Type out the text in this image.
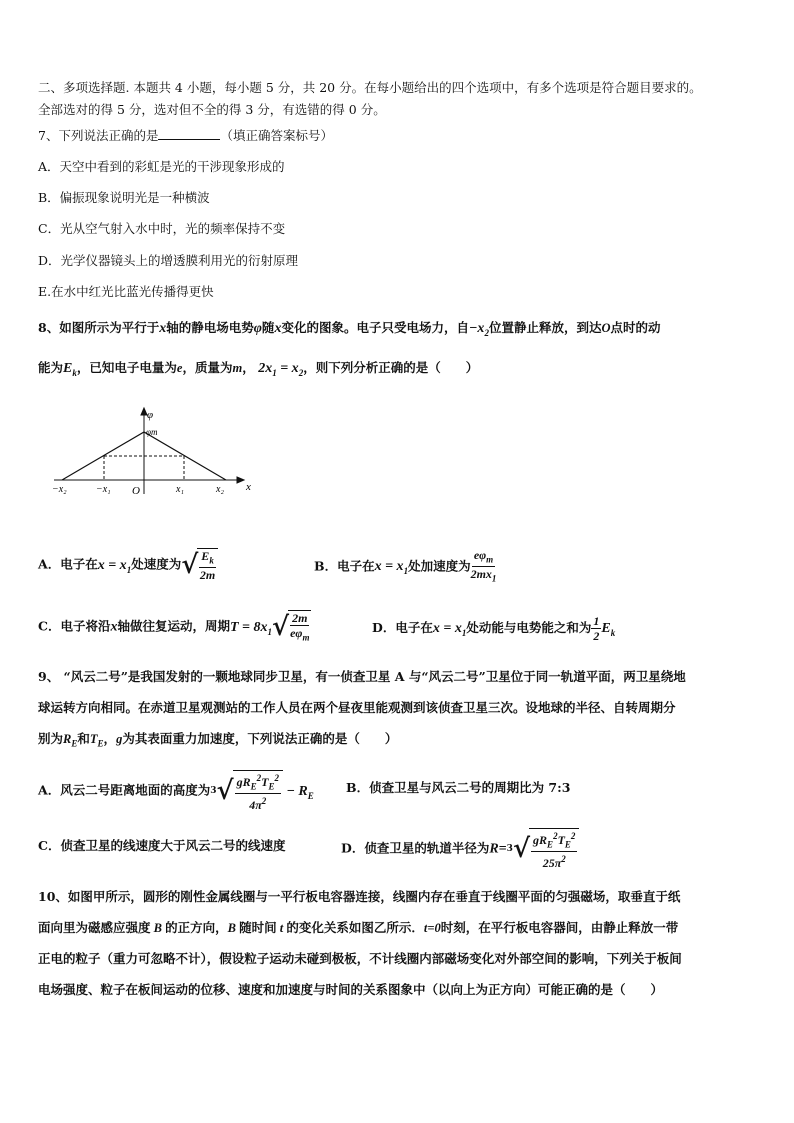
二、多项选择题. 本题共 4 小题，每小题 5 分，共 20 分。在每小题给出的四个选项中，有多个选项是符合题目要求的。
全部选对的得 5 分，选对但不全的得 3 分，有选错的得 0 分。
7、下列说法正确的是	（填正确答案标号）
A．天空中看到的彩虹是光的干涉现象形成的
B．偏振现象说明光是一种横波
C．光从空气射入水中时，光的频率保持不变
D．光学仪器镜头上的增透膜利用光的衍射原理
E.在水中红光比蓝光传播得更快
8、如图所示为平行于x轴的静电场电势φ随x变化的图象。电子只受电场力，自$-x_2$位置静止释放，到达O点时的动
能为$E_k$，已知电子电量为e，质量为m， $2x_1 = x_2$，则下列分析正确的是（　　）
φ
φm
x
−x₂	−x₁ O	x₁	x₂
A．电子在$x = x_1$处速度为 √ $\frac{E_k}{2m}$	B．电子在$x = x_1$处加速度为 $\frac{e\varphi_m}{2mx_1}$
C．电子将沿x轴做往复运动，周期$T = 8x_1$ √ $\frac{2m}{e\varphi_m}$	D．电子在$x = x_1$处动能与电势能之和为 $\frac{1}{2} E_k$
9、 “风云二号”是我国发射的一颗地球同步卫星，有一侦查卫星 A 与“风云二号”卫星位于同一轨道平面，两卫星绕地
球运转方向相同。在赤道卫星观测站的工作人员在两个昼夜里能观测到该侦查卫星三次。设地球的半径、自转周期分
别为$R_E$和$T_E$，g为其表面重力加速度，下列说法正确的是（　　）
A．风云二号距离地面的高度为 3 √ $\frac{gR_E^2T_E^2}{4\pi^2} - R_E$
B．侦查卫星与风云二号的周期比为 7:3
C．侦查卫星的线速度大于风云二号的线速度	D．侦查卫星的轨道半径为R= 3 √ $\frac{gR_E^2T_E^2}{25\pi^2}$
10、如图甲所示，圆形的刚性金属线圈与一平行板电容器连接，线圈内存在垂直于线圈平面的匀强磁场，取垂直于纸
面向里为磁感应强度 B 的正方向，B 随时间 t 的变化关系如图乙所示．t=0时刻，在平行板电容器间，由静止释放一带
正电的粒子（重力可忽略不计），假设粒子运动未碰到极板，不计线圈内部磁场变化对外部空间的影响，下列关于板间
电场强度、粒子在板间运动的位移、速度和加速度与时间的关系图象中（以向上为正方向）可能正确的是（　　）
